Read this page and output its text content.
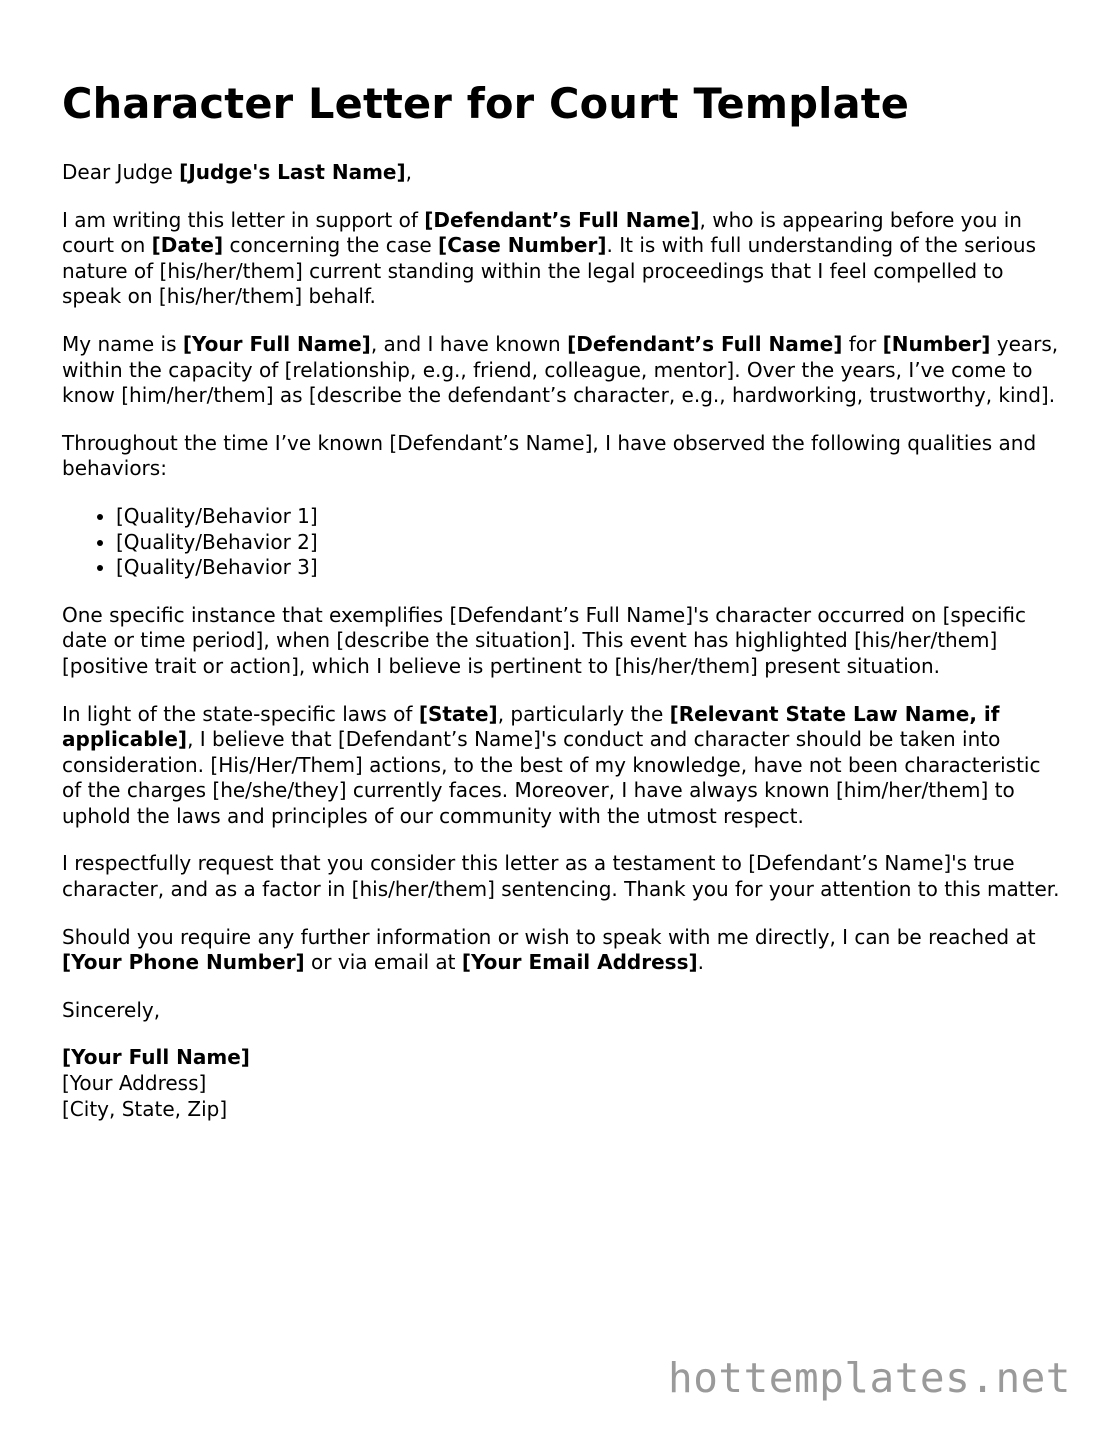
Character Letter for Court Template

Dear Judge [Judge's Last Name],

I am writing this letter in support of [Defendant’s Full Name], who is appearing before you in court on [Date] concerning the case [Case Number]. It is with full understanding of the serious nature of [his/her/them] current standing within the legal proceedings that I feel compelled to speak on [his/her/them] behalf.

My name is [Your Full Name], and I have known [Defendant’s Full Name] for [Number] years, within the capacity of [relationship, e.g., friend, colleague, mentor]. Over the years, I’ve come to know [him/her/them] as [describe the defendant’s character, e.g., hardworking, trustworthy, kind].

Throughout the time I’ve known [Defendant’s Name], I have observed the following qualities and behaviors:

• [Quality/Behavior 1]
• [Quality/Behavior 2]
• [Quality/Behavior 3]

One specific instance that exemplifies [Defendant’s Full Name]'s character occurred on [specific date or time period], when [describe the situation]. This event has highlighted [his/her/them] [positive trait or action], which I believe is pertinent to [his/her/them] present situation.

In light of the state-specific laws of [State], particularly the [Relevant State Law Name, if applicable], I believe that [Defendant’s Name]'s conduct and character should be taken into consideration. [His/Her/Them] actions, to the best of my knowledge, have not been characteristic of the charges [he/she/they] currently faces. Moreover, I have always known [him/her/them] to uphold the laws and principles of our community with the utmost respect.

I respectfully request that you consider this letter as a testament to [Defendant’s Name]'s true character, and as a factor in [his/her/them] sentencing. Thank you for your attention to this matter.

Should you require any further information or wish to speak with me directly, I can be reached at [Your Phone Number] or via email at [Your Email Address].

Sincerely,

[Your Full Name]
[Your Address]
[City, State, Zip]
hottemplates.net
